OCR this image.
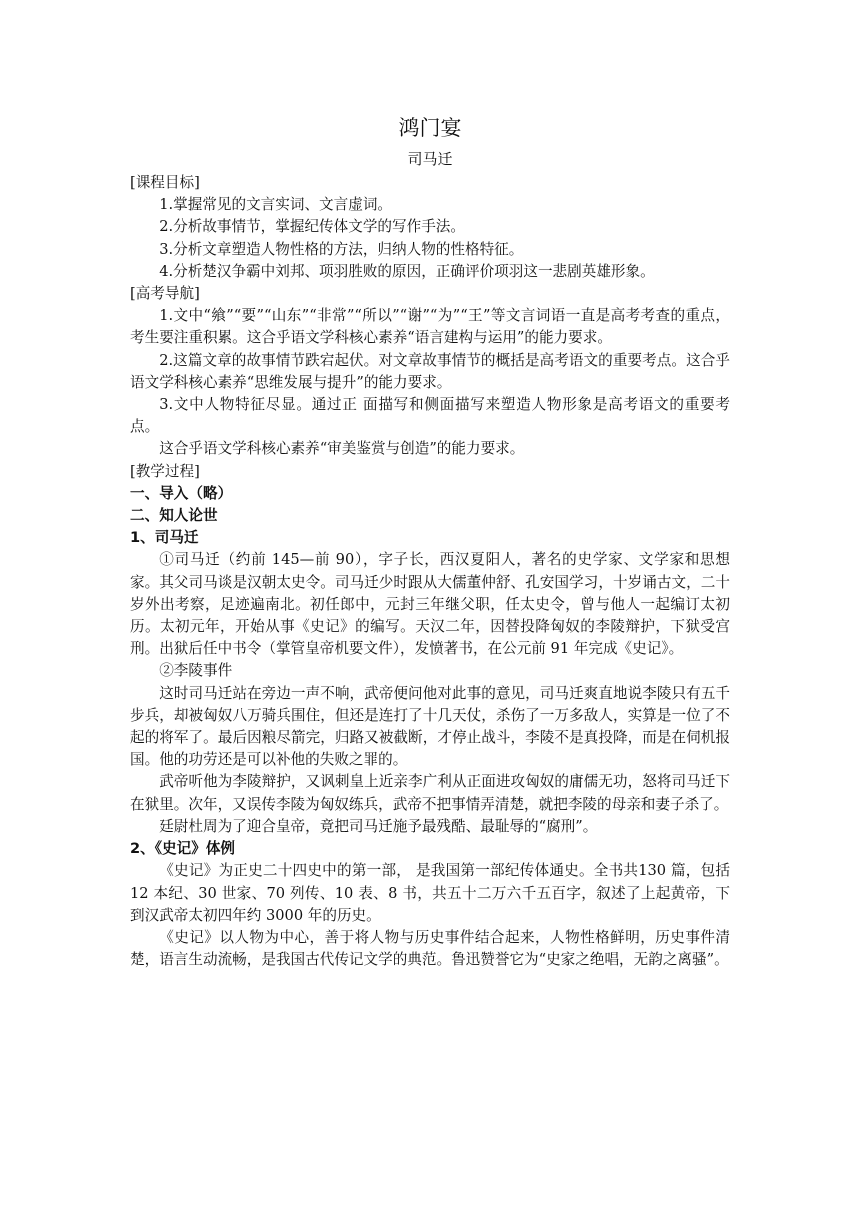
鸿门宴
司马迁

[课程目标]

1.掌握常见的文言实词、文言虚词。

2.分析故事情节，掌握纪传体文学的写作手法。

3.分析文章塑造人物性格的方法，归纳人物的性格特征。

4.分析楚汉争霸中刘邦、项羽胜败的原因，正确评价项羽这一悲剧英雄形象。

[高考导航]

1.文中“飨”“要”“山东”“非常”“所以”“谢”“为”“王”等文言词语一直是高考考查的重点，考生要注重积累。这合乎语文学科核心素养“语言建构与运用”的能力要求。

2.这篇文章的故事情节跌宕起伏。对文章故事情节的概括是高考语文的重要考点。这合乎语文学科核心素养“思维发展与提升”的能力要求。

3.文中人物特征尽显。通过正 面描写和侧面描写来塑造人物形象是高考语文的重要考点。

这合乎语文学科核心素养“审美鉴赏与创造”的能力要求。

[教学过程]

一、导入（略）

二、知人论世

1、司马迁

①司马迁（约前 145—前 90），字子长，西汉夏阳人，著名的史学家、文学家和思想家。其父司马谈是汉朝太史令。司马迁少时跟从大儒董仲舒、孔安国学习，十岁诵古文，二十岁外出考察，足迹遍南北。初任郎中，元封三年继父职，任太史令，曾与他人一起编订太初历。太初元年，开始从事《史记》的编写。天汉二年，因替投降匈奴的李陵辩护，下狱受宫刑。出狱后任中书令（掌管皇帝机要文件），发愤著书，在公元前 91 年完成《史记》。

②李陵事件

这时司马迁站在旁边一声不响，武帝便问他对此事的意见，司马迁爽直地说李陵只有五千步兵，却被匈奴八万骑兵围住，但还是连打了十几天仗，杀伤了一万多敌人，实算是一位了不起的将军了。最后因粮尽箭完，归路又被截断，才停止战斗，李陵不是真投降，而是在伺机报国。他的功劳还是可以补他的失败之罪的。

武帝听他为李陵辩护，又讽刺皇上近亲李广利从正面进攻匈奴的庸儒无功，怒将司马迁下在狱里。次年，又误传李陵为匈奴练兵，武帝不把事情弄清楚，就把李陵的母亲和妻子杀了。

廷尉杜周为了迎合皇帝，竟把司马迁施予最残酷、最耻辱的“腐刑”。

2、《史记》体例

《史记》为正史二十四史中的第一部， 是我国第一部纪传体通史。全书共130 篇，包括 12 本纪、30 世家、70 列传、10 表、8 书，共五十二万六千五百字，叙述了上起黄帝，下到汉武帝太初四年约 3000 年的历史。

《史记》以人物为中心，善于将人物与历史事件结合起来，人物性格鲜明，历史事件清楚，语言生动流畅，是我国古代传记文学的典范。鲁迅赞誉它为“史家之绝唱，无韵之离骚”。
